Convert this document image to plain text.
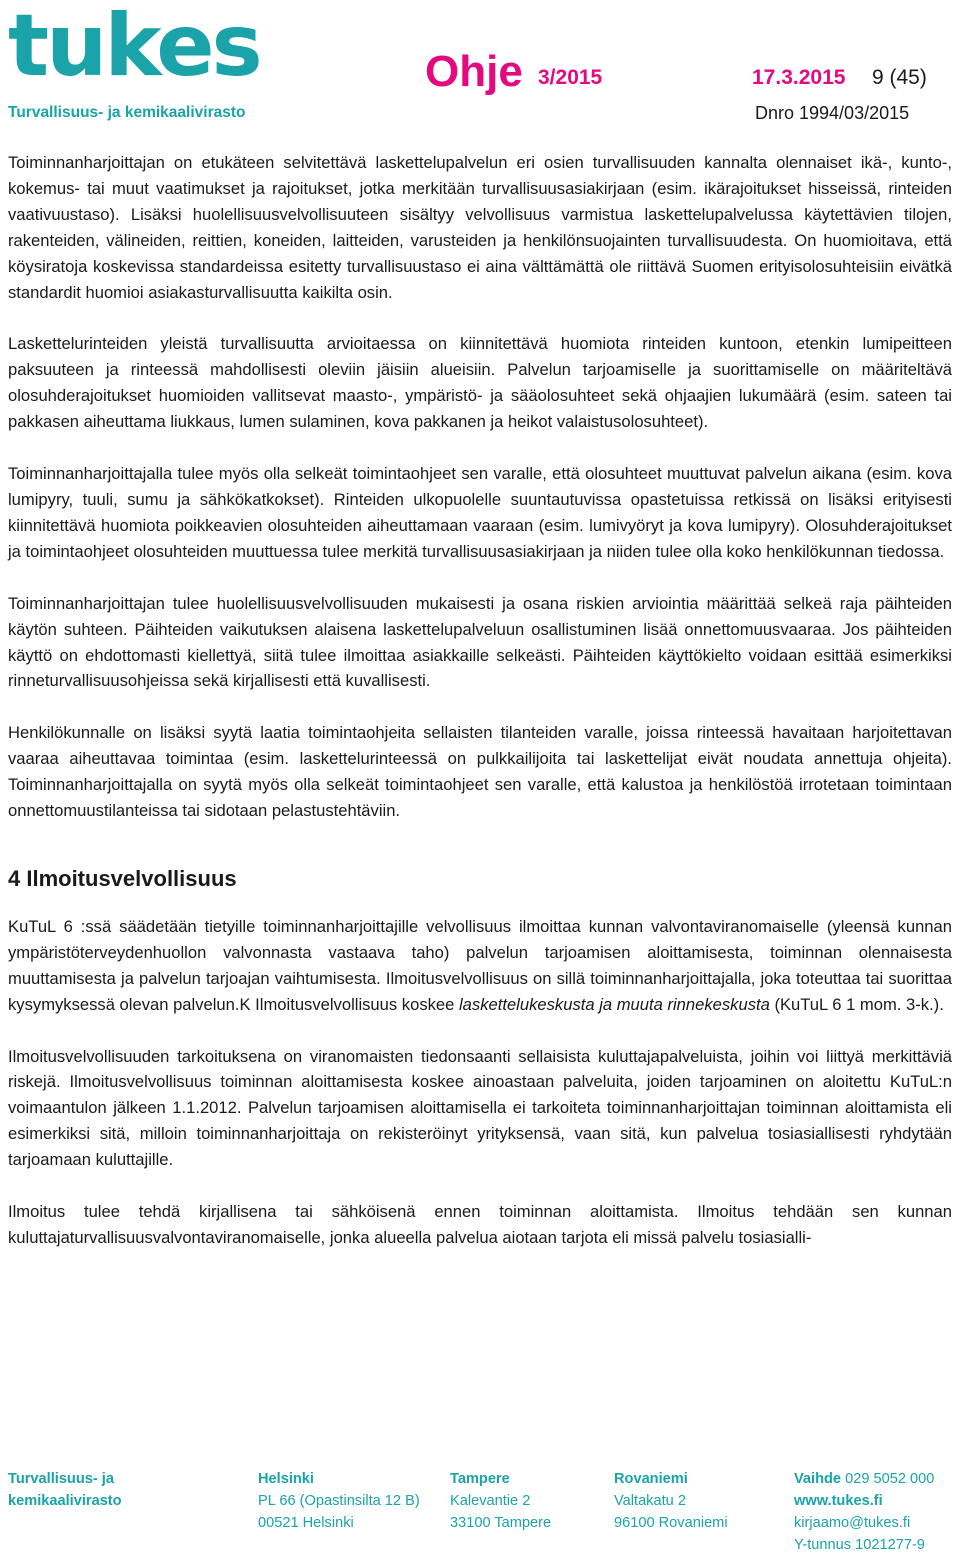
tukes
Turvallisuus- ja kemikaalivirasto
Ohje 3/2015	17.3.2015 9 (45)
Dnro 1994/03/2015

Toiminnanharjoittajan on etukäteen selvitettävä laskettelupalvelun eri osien turvallisuuden kannalta olennaiset ikä-, kunto-, kokemus- tai muut vaatimukset ja rajoitukset, jotka merkitään turvallisuusasiakirjaan (esim. ikärajoitukset hisseissä, rinteiden vaativuustaso). Lisäksi huolellisuusvelvollisuuteen sisältyy velvollisuus varmistua laskettelupalvelussa käytettävien tilojen, rakenteiden, välineiden, reittien, koneiden, laitteiden, varusteiden ja henkilönsuojainten turvallisuudesta. On huomioitava, että köysiratoja koskevissa standardeissa esitetty turvallisuustaso ei aina välttämättä ole riittävä Suomen erityisolosuhteisiin eivätkä standardit huomioi asiakasturvallisuutta kaikilta osin.

Laskettelurinteiden yleistä turvallisuutta arvioitaessa on kiinnitettävä huomiota rinteiden kuntoon, etenkin lumipeitteen paksuuteen ja rinteessä mahdollisesti oleviin jäisiin alueisiin. Palvelun tarjoamiselle ja suorittamiselle on määriteltävä olosuhderajoitukset huomioiden vallitsevat maasto-, ympäristö- ja sääolosuhteet sekä ohjaajien lukumäärä (esim. sateen tai pakkasen aiheuttama liukkaus, lumen sulaminen, kova pakkanen ja heikot valaistusolosuhteet).

Toiminnanharjoittajalla tulee myös olla selkeät toimintaohjeet sen varalle, että olosuhteet muuttuvat palvelun aikana (esim. kova lumipyry, tuuli, sumu ja sähkökatkokset). Rinteiden ulkopuolelle suuntautuvissa opastetuissa retkissä on lisäksi erityisesti kiinnitettävä huomiota poikkeavien olosuhteiden aiheuttamaan vaaraan (esim. lumivyöryt ja kova lumipyry). Olosuhderajoitukset ja toimintaohjeet olosuhteiden muuttuessa tulee merkitä turvallisuusasiakirjaan ja niiden tulee olla koko henkilökunnan tiedossa.

Toiminnanharjoittajan tulee huolellisuusvelvollisuuden mukaisesti ja osana riskien arviointia määrittää selkeä raja päihteiden käytön suhteen. Päihteiden vaikutuksen alaisena laskettelupalveluun osallistuminen lisää onnettomuusvaaraa. Jos päihteiden käyttö on ehdottomasti kiellettyä, siitä tulee ilmoittaa asiakkaille selkeästi. Päihteiden käyttökielto voidaan esittää esimerkiksi rinneturvallisuusohjeissa sekä kirjallisesti että kuvallisesti.

Henkilökunnalle on lisäksi syytä laatia toimintaohjeita sellaisten tilanteiden varalle, joissa rinteessä havaitaan harjoitettavan vaaraa aiheuttavaa toimintaa (esim. laskettelurinteessä on pulkkailijoita tai laskettelijat eivät noudata annettuja ohjeita). Toiminnanharjoittajalla on syytä myös olla selkeät toimintaohjeet sen varalle, että kalustoa ja henkilöstöä irrotetaan toimintaan onnettomuustilanteissa tai sidotaan pelastustehtäviin.

4 Ilmoitusvelvollisuus

KuTuL 6 :ssä säädetään tietyille toiminnanharjoittajille velvollisuus ilmoittaa kunnan valvontaviranomaiselle (yleensä kunnan ympäristöterveydenhuollon valvonnasta vastaava taho) palvelun tarjoamisen aloittamisesta, toiminnan olennaisesta muuttamisesta ja palvelun tarjoajan vaihtumisesta. Ilmoitusvelvollisuus on sillä toiminnanharjoittajalla, joka toteuttaa tai suorittaa kysymyksessä olevan palvelun.K Ilmoitusvelvollisuus koskee laskettelukeskusta ja muuta rinnekeskusta (KuTuL 6 1 mom. 3-k.).

Ilmoitusvelvollisuuden tarkoituksena on viranomaisten tiedonsaanti sellaisista kuluttajapalveluista, joihin voi liittyä merkittäviä riskejä. Ilmoitusvelvollisuus toiminnan aloittamisesta koskee ainoastaan palveluita, joiden tarjoaminen on aloitettu KuTuL:n voimaantulon jälkeen 1.1.2012. Palvelun tarjoamisen aloittamisella ei tarkoiteta toiminnanharjoittajan toiminnan aloittamista eli esimerkiksi sitä, milloin toiminnanharjoittaja on rekisteröinyt yrityksensä, vaan sitä, kun palvelua tosiasiallisesti ryhdytään tarjoamaan kuluttajille.

Ilmoitus tulee tehdä kirjallisena tai sähköisenä ennen toiminnan aloittamista. Ilmoitus tehdään sen kunnan kuluttajaturvallisuusvalvontaviranomaiselle, jonka alueella palvelua aiotaan tarjota eli missä palvelu tosiasialli-

Turvallisuus- ja
kemikaalivirasto
Helsinki
PL 66 (Opastinsilta 12 B)
00521 Helsinki
Tampere
Kalevantie 2
33100 Tampere
Rovaniemi
Valtakatu 2
96100 Rovaniemi
Vaihde 029 5052 000
www.tukes.fi
kirjaamo@tukes.fi
Y-tunnus 1021277-9
